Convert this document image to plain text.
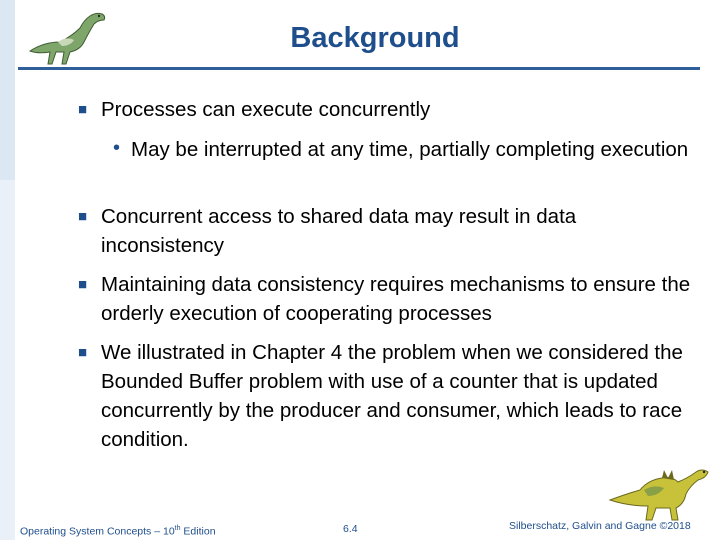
Background
■ Processes can execute concurrently
• May be interrupted at any time, partially completing execution
■ Concurrent access to shared data may result in data inconsistency
■ Maintaining data consistency requires mechanisms to ensure the orderly execution of cooperating processes
■ We illustrated in Chapter 4 the problem when we considered the Bounded Buffer problem with use of a counter that is updated concurrently by the producer and consumer, which leads to race condition.
Operating System Concepts – 10th Edition	6.4	Silberschatz, Galvin and Gagne ©2018
